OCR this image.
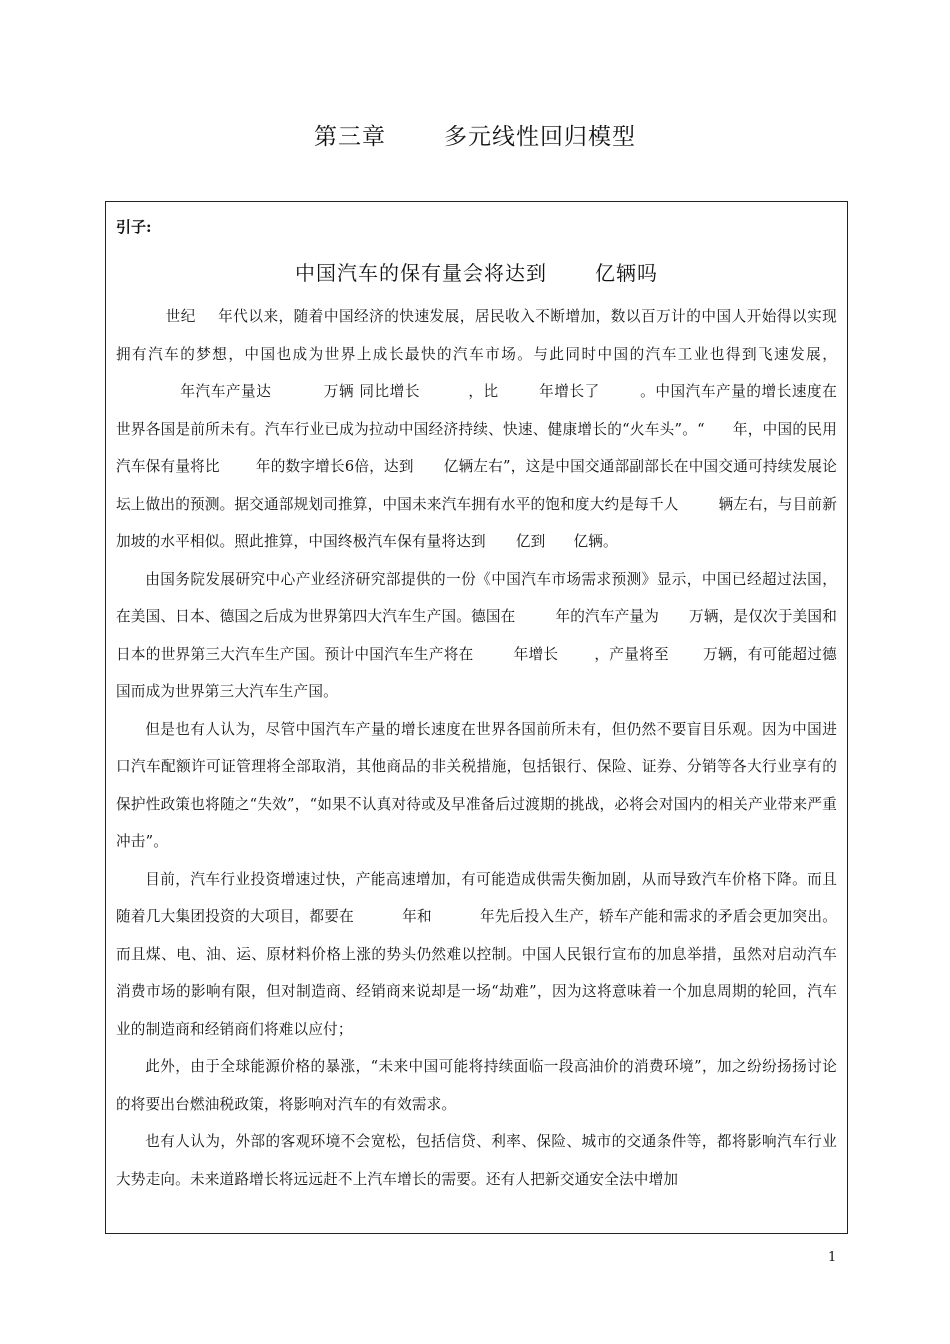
第三章	多元线性回归模型
引子:
中国汽车的保有量会将达到 亿辆吗

世纪 年代以来，随着中国经济的快速发展，居民收入不断增加，数以百万计的中国人开始得以实现拥有汽车的梦想，中国也成为世界上成长最快的汽车市场。与此同时中国的汽车工业也得到飞速发展，年汽车产量达	万辆 同比增长	，比	年增长了	。中国汽车产量的增长速度在世界各国是前所未有。汽车行业已成为拉动中国经济持续、快速、健康增长的“火车头”。“ 年，中国的民用汽车保有量将比 年的数字增长6倍，达到 亿辆左右”，这是中国交通部副部长在中国交通可持续发展论坛上做出的预测。据交通部规划司推算，中国未来汽车拥有水平的饱和度大约是每千人	辆左右，与目前新加坡的水平相似。照此推算，中国终极汽车保有量将达到 亿到 亿辆。

由国务院发展研究中心产业经济研究部提供的一份《中国汽车市场需求预测》显示，中国已经超过法国，在美国、日本、德国之后成为世界第四大汽车生产国。德国在	年的汽车产量为 万辆，是仅次于美国和日本的世界第三大汽车生产国。预计中国汽车生产将在	年增长 ，产量将至 万辆，有可能超过德国而成为世界第三大汽车生产国。

但是也有人认为，尽管中国汽车产量的增长速度在世界各国前所未有，但仍然不要盲目乐观。因为中国进口汽车配额许可证管理将全部取消，其他商品的非关税措施，包括银行、保险、证券、分销等各大行业享有的保护性政策也将随之“失效”，“如果不认真对待或及早准备后过渡期的挑战，必将会对国内的相关产业带来严重冲击”。

目前，汽车行业投资增速过快，产能高速增加，有可能造成供需失衡加剧，从而导致汽车价格下降。而且随着几大集团投资的大项目，都要在	年和	年先后投入生产，轿车产能和需求的矛盾会更加突出。而且煤、电、油、运、原材料价格上涨的势头仍然难以控制。中国人民银行宣布的加息举措，虽然对启动汽车消费市场的影响有限，但对制造商、经销商来说却是一场“劫难”，因为这将意味着一个加息周期的轮回，汽车业的制造商和经销商们将难以应付；

此外，由于全球能源价格的暴涨，“未来中国可能将持续面临一段高油价的消费环境”，加之纷纷扬扬讨论的将要出台燃油税政策，将影响对汽车的有效需求。

也有人认为，外部的客观环境不会宽松，包括信贷、利率、保险、城市的交通条件等，都将影响汽车行业大势走向。未来道路增长将远远赶不上汽车增长的需要。还有人把新交通安全法中增加

1
